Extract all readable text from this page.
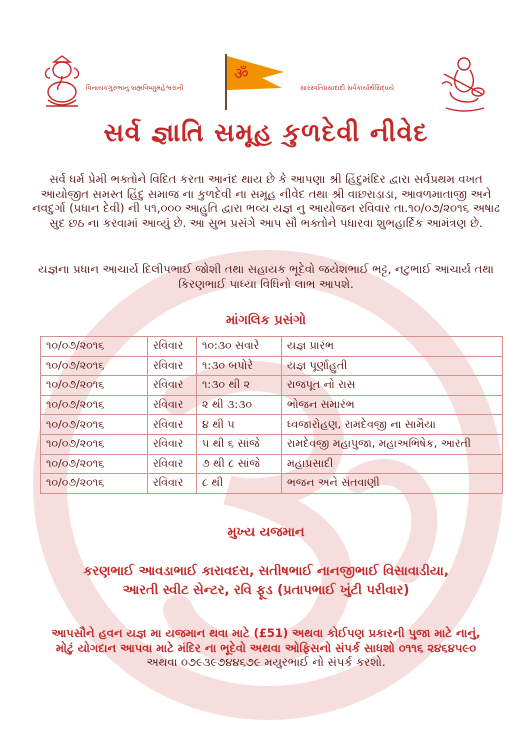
વિનાયકગુરુભાનું બ્રહ્મવિષ્ણુમહેશ્વરાની
ॐ
સારસ્વતિપ્રસાદાદી સર્વકાર્યાર્થસિદ્ધયે
સર્વ જ્ઞાતિ સમૂહ કુળદેવી નીવેદ
સર્વ ધર્મ પ્રેમી ભક્તોને વિદિત કરતા આનંદ થાય છે કે આપણા શ્રી હિંદુમંદિર દ્વારા સર્વપ્રથમ વખત આયોજીત સમસ્ત હિંદુ સમાજ ના કુળદેવી ના સમૂહ નીવેદ તથા શ્રી વાછરાડાડા, આવળમાતાજી અને નવદુર્ગા (પ્રધાન દેવી) ની ૫૧,૦૦૦ આહુતિ દ્વારા ભવ્ય યજ્ઞ નુ આયોજન રવિવાર તા.૧૦/૦૭/૨૦૧૬ અષાઢ સુદ છઠ ના કરવામાં આવ્યું છે. આ સુભ પ્રસંગે આપ સૌ ભક્તોને પધારવા શુભહાર્દિક આમંત્રણ છે.
યજ્ઞના પ્રધાન આચાર્ય દિલીપભાઈ જોશી તથા સહાયક ભૂદેવો જયેશભાઈ ભટ્ટ, નટુભાઈ આચાર્ય તથા કિરણભાઈ પાધ્યા વિધિનો લાભ આપશે.
માંગલિક પ્રસંગો
૧૦/૦૭/૨૦૧૬	રવિવાર	૧૦:૩૦ સવારે	યજ્ઞ પ્રારંભ
૧૦/૦૭/૨૦૧૬	રવિવાર	૧:૩૦ બપોરે	યજ્ઞ પૂર્ણાહુતી
૧૦/૦૭/૨૦૧૬	રવિવાર	૧:૩૦ થી ૨	રાજપૂત નો રાસ
૧૦/૦૭/૨૦૧૬	રવિવાર	૨ થી ૩:૩૦	ભોજન સમારંભ
૧૦/૦૭/૨૦૧૬	રવિવાર	૪ થી ૫	ધ્વજારોહણ, રામદેવજી ના સામૈયા
૧૦/૦૭/૨૦૧૬	રવિવાર	૫ થી ૬ સાંજે	રામદેવજી મહાપુજા, મહાઅભિષેક, આરતી
૧૦/૦૭/૨૦૧૬	રવિવાર	૭ થી ૮ સાંજે	મહાપ્રસાદી
૧૦/૦૭/૨૦૧૬	રવિવાર	૮ થી	ભજન અને સંતવાણી
મુખ્ય યજમાન
કરણભાઈ આવડાભાઈ કારાવદરા, સતીષભાઈ નાનજીભાઈ વિસાવાડીયા,
આરતી સ્વીટ સેન્ટર, રવિ ફૂડ (પ્રતાપભાઈ ખુંટી પરીવાર)
આપસૌને હવન યજ્ઞ મા યજમાન થવા માટે (£51) અથવા કોઈપણ પ્રકારની પુજા માટે નાનું,
મોટું યોગદાન આપવા માટે મંદિર ના ભૂદેવો અથવા ઓફિસનો સંપર્ક સાધશો ૦૧૧૬ ૨૪૬૪૫૯૦
અથવા ૦૭૯૩૯૭૪૪૬૭૯ મયુરભાઈ નો સંપર્ક કરશો.
